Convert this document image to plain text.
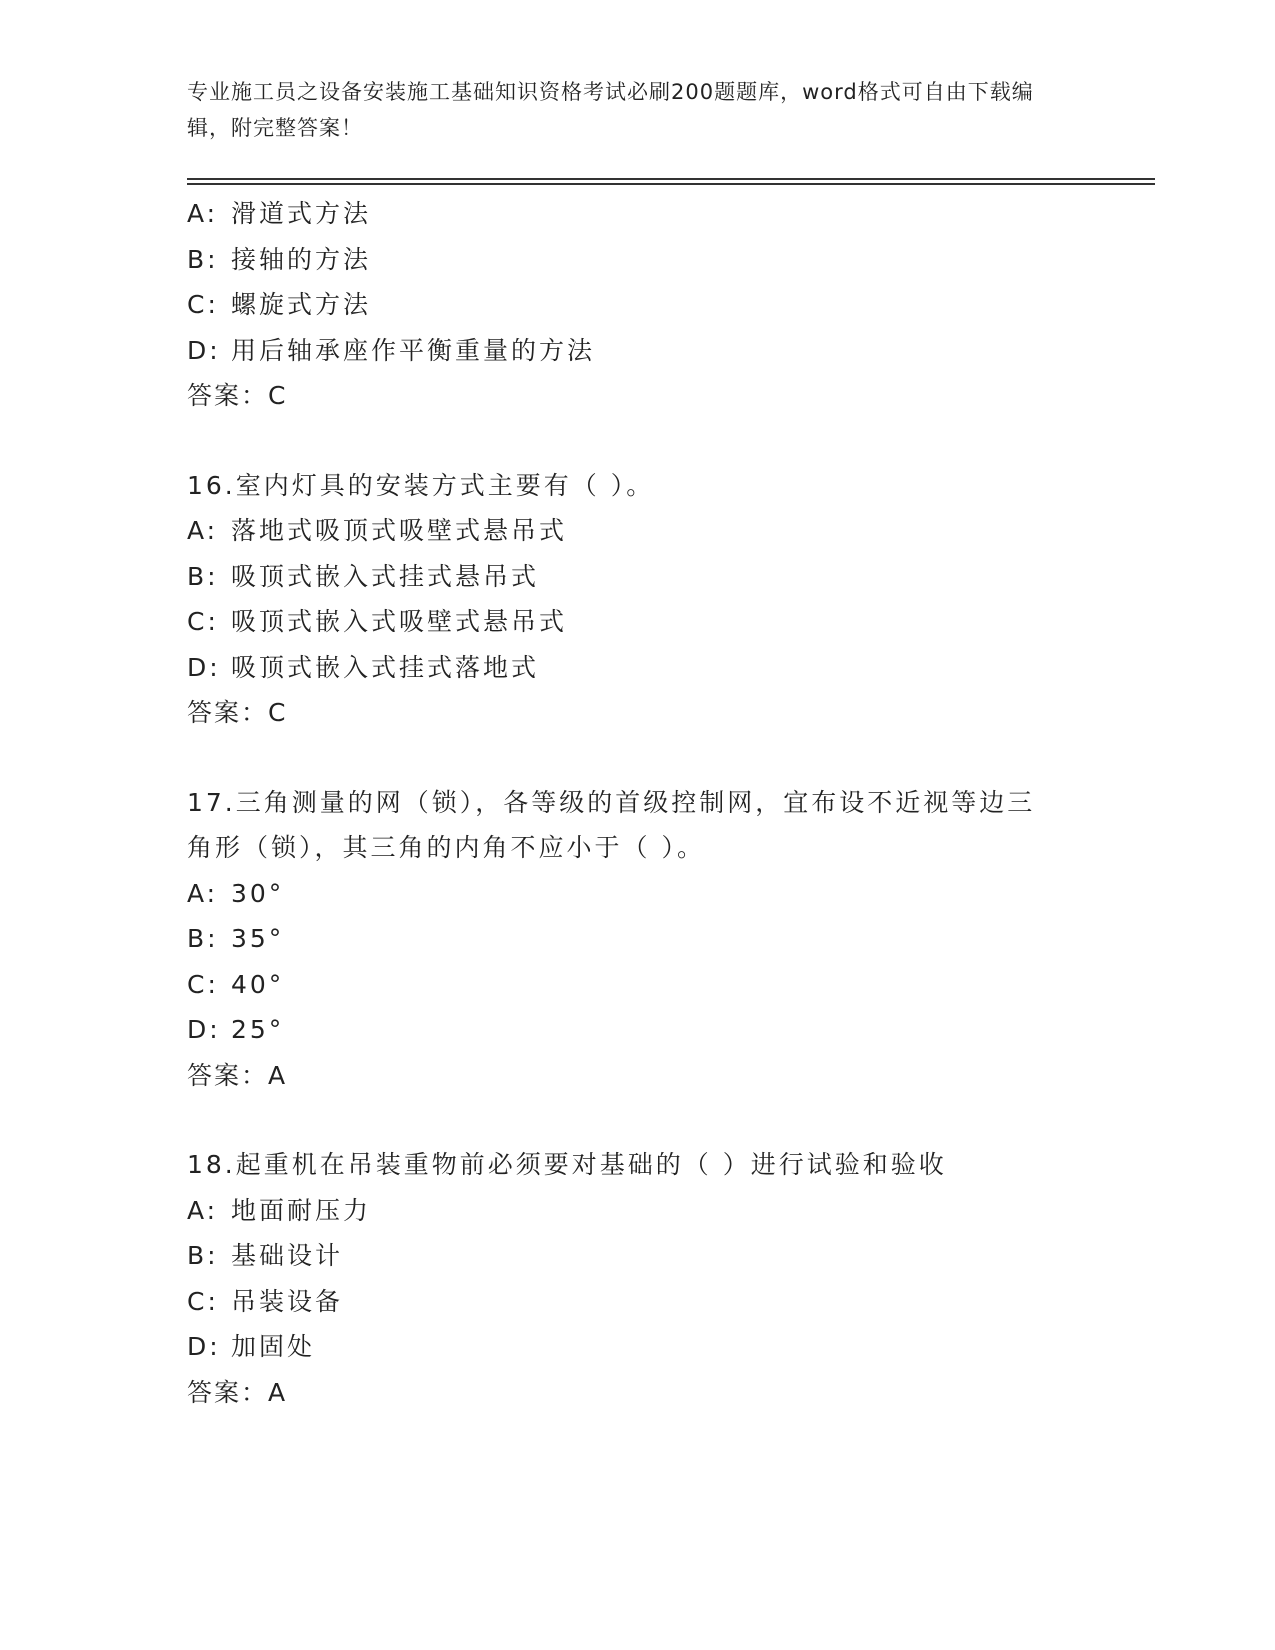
专业施工员之设备安装施工基础知识资格考试必刷200题题库，word格式可自由下载编辑，附完整答案！
A: 滑道式方法
B: 接轴的方法
C: 螺旋式方法
D: 用后轴承座作平衡重量的方法
答案：C
16.室内灯具的安装方式主要有（ ）。
A: 落地式吸顶式吸壁式悬吊式
B: 吸顶式嵌入式挂式悬吊式
C: 吸顶式嵌入式吸壁式悬吊式
D: 吸顶式嵌入式挂式落地式
答案：C
17.三角测量的网（锁），各等级的首级控制网，宜布设不近视等边三角形（锁），其三角的内角不应小于（ ）。
A: 30°
B: 35°
C: 40°
D: 25°
答案：A
18.起重机在吊装重物前必须要对基础的（ ）进行试验和验收
A: 地面耐压力
B: 基础设计
C: 吊装设备
D: 加固处
答案：A
